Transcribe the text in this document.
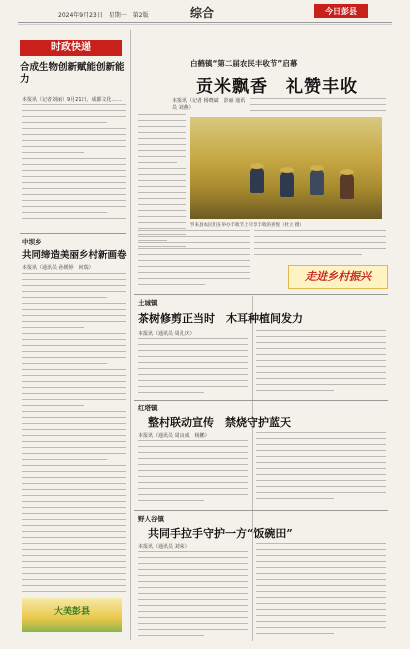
2024年9月23日　星期一　第2版	综合	今日彭县
时政快递
合成生物创新赋能创新能力
本报讯（记者刘丽）9月21日，成都文化……
中坝乡
共同缔造美丽乡村新画卷
本报讯（通讯员 孙媛婷　何瑞）
大美彭县
白鹤镇“第二届农民丰收节”启幕
贡米飘香　礼赞丰收
本报讯（记者 杨晓斌　彭丽 通讯员 刘燕）
罗来县农民们在举办丰收节上尽享丰收的喜悦（杜立 摄）
走进乡村振兴
土城镇
茶树修剪正当时　木耳种植间发力
本报讯（通讯员 周孔庆）
红塔镇
整村联动宣传　禁烧守护蓝天
本报讯（通讯员 周良成　杨鹏）
野人谷镇
共同手拉手守护一方“饭碗田”
本报讯（通讯员 刘荣）
